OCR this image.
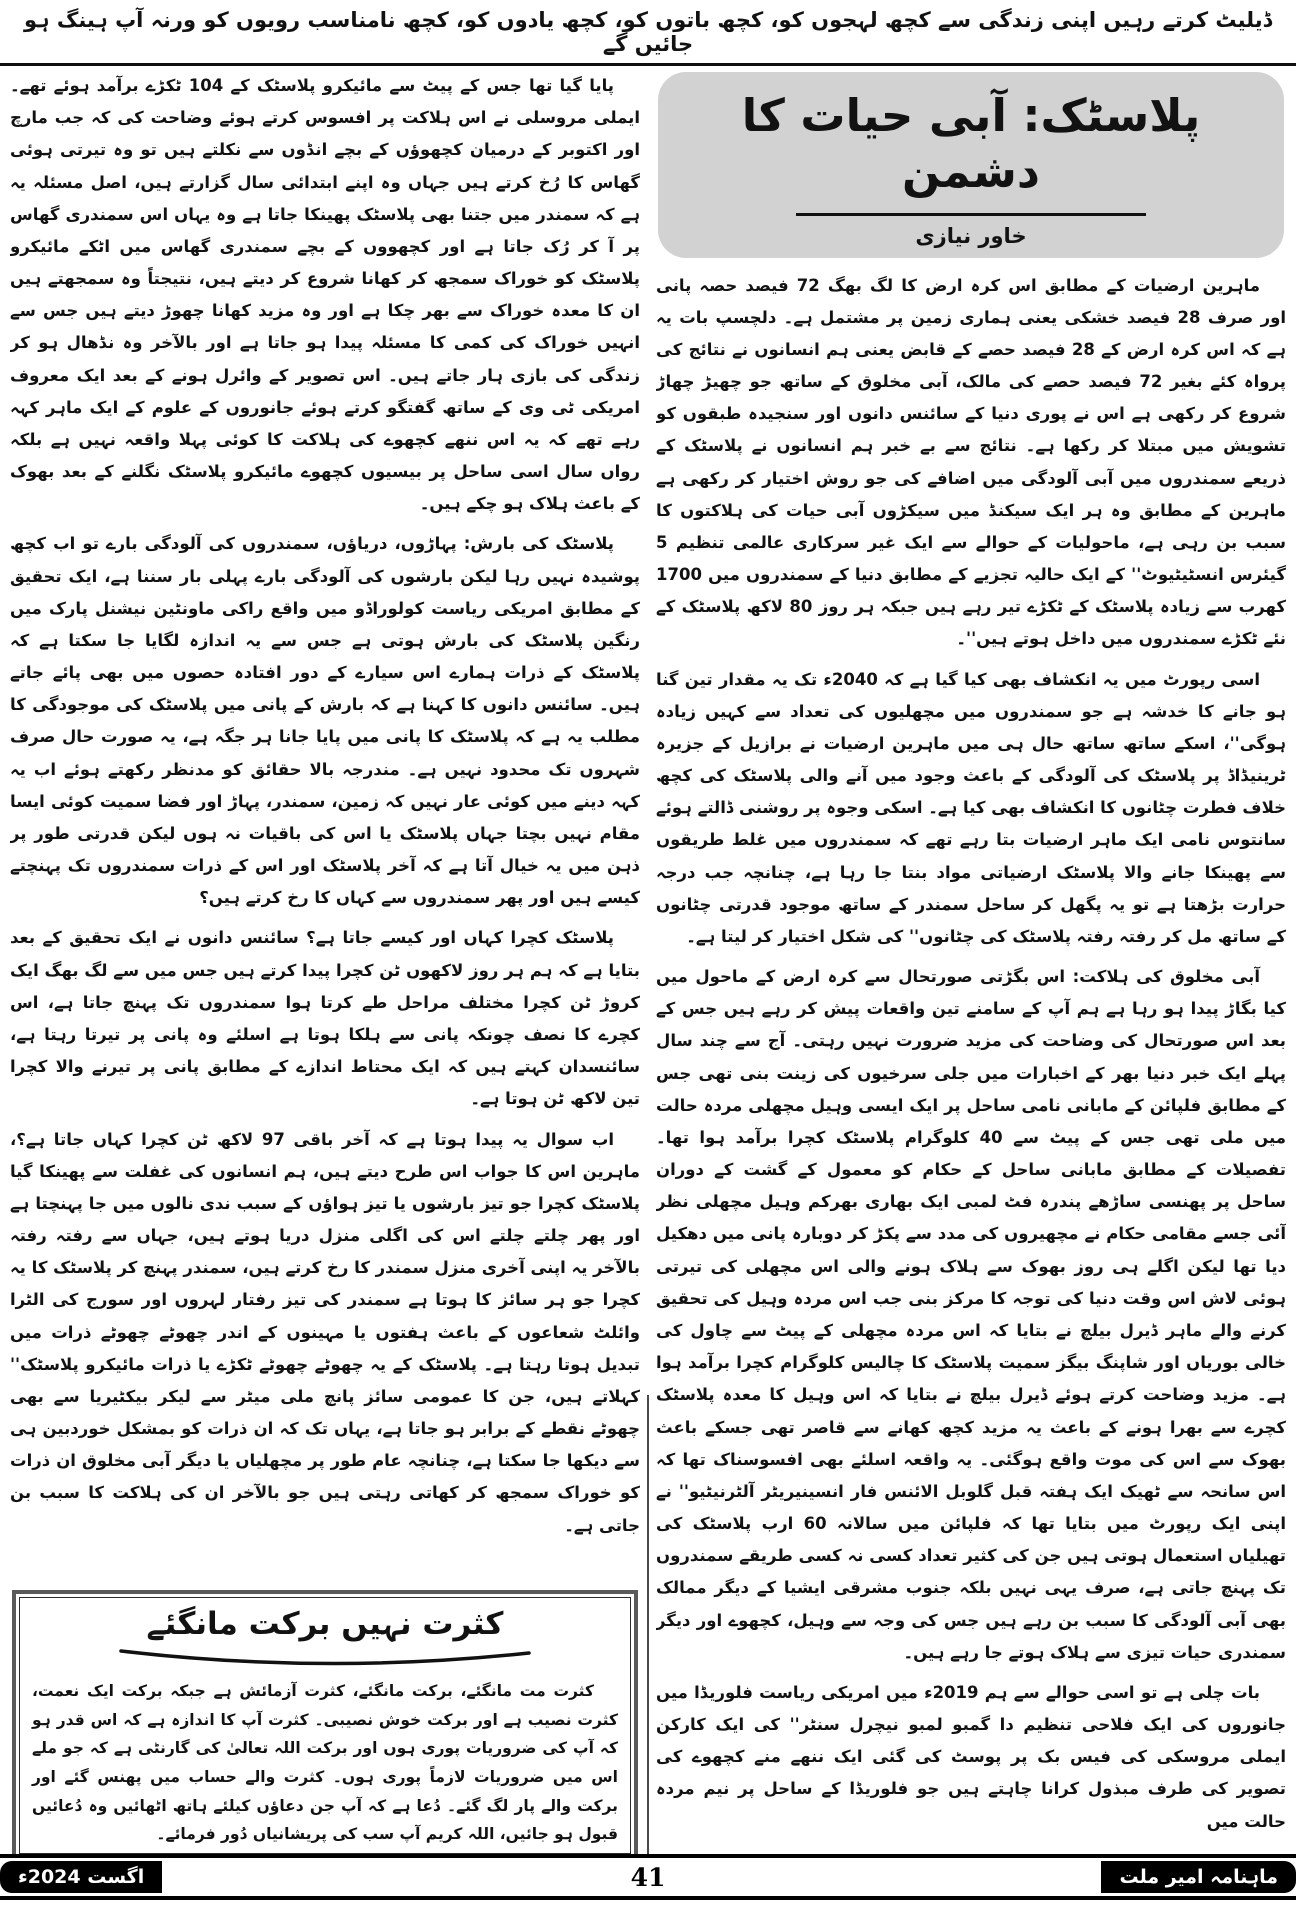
ڈیلیٹ کرتے رہیں اپنی زندگی سے کچھ لہجوں کو، کچھ باتوں کو، کچھ یادوں کو، کچھ نامناسب رویوں کو ورنہ آپ ہینگ ہو جائیں گے
پلاسٹک: آبی حیات کا دشمن
خاور نیازی

ماہرین ارضیات کے مطابق اس کرہ ارض کا لگ بھگ 72 فیصد حصہ پانی اور صرف 28 فیصد خشکی یعنی ہماری زمین پر مشتمل ہے۔ دلچسپ بات یہ ہے کہ اس کرہ ارض کے 28 فیصد حصے کے قابض یعنی ہم انسانوں نے نتائج کی پرواہ کئے بغیر 72 فیصد حصے کی مالک، آبی مخلوق کے ساتھ جو چھیڑ چھاڑ شروع کر رکھی ہے اس نے پوری دنیا کے سائنس دانوں اور سنجیدہ طبقوں کو تشویش میں مبتلا کر رکھا ہے۔ نتائج سے بے خبر ہم انسانوں نے پلاسٹک کے ذریعے سمندروں میں آبی آلودگی میں اضافے کی جو روش اختیار کر رکھی ہے ماہرین کے مطابق وہ ہر ایک سیکنڈ میں سیکڑوں آبی حیات کی ہلاکتوں کا سبب بن رہی ہے، ماحولیات کے حوالے سے ایک غیر سرکاری عالمی تنظیم 5 گیئرس انسٹیٹیوٹ'' کے ایک حالیہ تجزیے کے مطابق دنیا کے سمندروں میں 1700 کھرب سے زیادہ پلاسٹک کے ٹکڑے تیر رہے ہیں جبکہ ہر روز 80 لاکھ پلاسٹک کے نئے ٹکڑے سمندروں میں داخل ہوتے ہیں''۔

اسی رپورٹ میں یہ انکشاف بھی کیا گیا ہے کہ 2040ء تک یہ مقدار تین گنا ہو جانے کا خدشہ ہے جو سمندروں میں مچھلیوں کی تعداد سے کہیں زیادہ ہوگی''، اسکے ساتھ ساتھ حال ہی میں ماہرین ارضیات نے برازیل کے جزیرہ ٹرینیڈاڈ پر پلاسٹک کی آلودگی کے باعث وجود میں آنے والی پلاسٹک کی کچھ خلاف فطرت چٹانوں کا انکشاف بھی کیا ہے۔ اسکی وجوہ پر روشنی ڈالتے ہوئے سانتوس نامی ایک ماہر ارضیات بتا رہے تھے کہ سمندروں میں غلط طریقوں سے پھینکا جانے والا پلاسٹک ارضیاتی مواد بنتا جا رہا ہے، چنانچہ جب درجہ حرارت بڑھتا ہے تو یہ پگھل کر ساحل سمندر کے ساتھ موجود قدرتی چٹانوں کے ساتھ مل کر رفتہ رفتہ پلاسٹک کی چٹانوں'' کی شکل اختیار کر لیتا ہے۔

آبی مخلوق کی ہلاکت: اس بگڑتی صورتحال سے کرہ ارض کے ماحول میں کیا بگاڑ پیدا ہو رہا ہے ہم آپ کے سامنے تین واقعات پیش کر رہے ہیں جس کے بعد اس صورتحال کی وضاحت کی مزید ضرورت نہیں رہتی۔ آج سے چند سال پہلے ایک خبر دنیا بھر کے اخبارات میں جلی سرخیوں کی زینت بنی تھی جس کے مطابق فلپائن کے مابانی نامی ساحل پر ایک ایسی وہیل مچھلی مردہ حالت میں ملی تھی جس کے پیٹ سے 40 کلوگرام پلاسٹک کچرا برآمد ہوا تھا۔ تفصیلات کے مطابق مابانی ساحل کے حکام کو معمول کے گشت کے دوران ساحل پر پھنسی ساڑھے پندرہ فٹ لمبی ایک بھاری بھرکم وہیل مچھلی نظر آئی جسے مقامی حکام نے مچھیروں کی مدد سے پکڑ کر دوبارہ پانی میں دھکیل دیا تھا لیکن اگلے ہی روز بھوک سے ہلاک ہونے والی اس مچھلی کی تیرتی ہوئی لاش اس وقت دنیا کی توجہ کا مرکز بنی جب اس مردہ وہیل کی تحقیق کرنے والے ماہر ڈیرل بیلچ نے بتایا کہ اس مردہ مچھلی کے پیٹ سے چاول کی خالی بوریاں اور شاپنگ بیگز سمیت پلاسٹک کا چالیس کلوگرام کچرا برآمد ہوا ہے۔ مزید وضاحت کرتے ہوئے ڈیرل بیلچ نے بتایا کہ اس وہیل کا معدہ پلاسٹک کچرے سے بھرا ہونے کے باعث یہ مزید کچھ کھانے سے قاصر تھی جسکے باعث بھوک سے اس کی موت واقع ہوگئی۔ یہ واقعہ اسلئے بھی افسوسناک تھا کہ اس سانحہ سے ٹھیک ایک ہفتہ قبل گلوبل الائنس فار انسینیریٹر آلٹرنیٹیو'' نے اپنی ایک رپورٹ میں بتایا تھا کہ فلپائن میں سالانہ 60 ارب پلاسٹک کی تھیلیاں استعمال ہوتی ہیں جن کی کثیر تعداد کسی نہ کسی طریقے سمندروں تک پہنچ جاتی ہے، صرف یہی نہیں بلکہ جنوب مشرقی ایشیا کے دیگر ممالک بھی آبی آلودگی کا سبب بن رہے ہیں جس کی وجہ سے وہیل، کچھوے اور دیگر سمندری حیات تیزی سے ہلاک ہوتے جا رہے ہیں۔

بات چلی ہے تو اسی حوالے سے ہم 2019ء میں امریکی ریاست فلوریڈا میں جانوروں کی ایک فلاحی تنظیم دا گمبو لمبو نیچرل سنٹر'' کی ایک کارکن ایملی مروسکی کی فیس بک پر پوسٹ کی گئی ایک ننھے منے کچھوے کی تصویر کی طرف مبذول کرانا چاہتے ہیں جو فلوریڈا کے ساحل پر نیم مردہ حالت میں

پایا گیا تھا جس کے پیٹ سے مائیکرو پلاسٹک کے 104 ٹکڑے برآمد ہوئے تھے۔ ایملی مروسلی نے اس ہلاکت پر افسوس کرتے ہوئے وضاحت کی کہ جب مارچ اور اکتوبر کے درمیان کچھوؤں کے بچے انڈوں سے نکلتے ہیں تو وہ تیرتی ہوئی گھاس کا رُخ کرتے ہیں جہاں وہ اپنے ابتدائی سال گزارتے ہیں، اصل مسئلہ یہ ہے کہ سمندر میں جتنا بھی پلاسٹک پھینکا جاتا ہے وہ یہاں اس سمندری گھاس پر آ کر رُک جاتا ہے اور کچھووں کے بچے سمندری گھاس میں اٹکے مائیکرو پلاسٹک کو خوراک سمجھ کر کھانا شروع کر دیتے ہیں، نتیجتاً وہ سمجھتے ہیں ان کا معدہ خوراک سے بھر چکا ہے اور وہ مزید کھانا چھوڑ دیتے ہیں جس سے انہیں خوراک کی کمی کا مسئلہ پیدا ہو جاتا ہے اور بالآخر وہ نڈھال ہو کر زندگی کی بازی ہار جاتے ہیں۔ اس تصویر کے وائرل ہونے کے بعد ایک معروف امریکی ٹی وی کے ساتھ گفتگو کرتے ہوئے جانوروں کے علوم کے ایک ماہر کہہ رہے تھے کہ یہ اس ننھے کچھوے کی ہلاکت کا کوئی پہلا واقعہ نہیں ہے بلکہ رواں سال اسی ساحل پر بیسیوں کچھوے مائیکرو پلاسٹک نگلنے کے بعد بھوک کے باعث ہلاک ہو چکے ہیں۔

پلاسٹک کی بارش: پہاڑوں، دریاؤں، سمندروں کی آلودگی بارے تو اب کچھ پوشیدہ نہیں رہا لیکن بارشوں کی آلودگی بارے پہلی بار سننا ہے، ایک تحقیق کے مطابق امریکی ریاست کولوراڈو میں واقع راکی ماونٹین نیشنل پارک میں رنگین پلاسٹک کی بارش ہوتی ہے جس سے یہ اندازہ لگایا جا سکتا ہے کہ پلاسٹک کے ذرات ہمارے اس سیارے کے دور افتادہ حصوں میں بھی پائے جاتے ہیں۔ سائنس دانوں کا کہنا ہے کہ بارش کے پانی میں پلاسٹک کی موجودگی کا مطلب یہ ہے کہ پلاسٹک کا پانی میں پایا جانا ہر جگہ ہے، یہ صورت حال صرف شہروں تک محدود نہیں ہے۔ مندرجہ بالا حقائق کو مدنظر رکھتے ہوئے اب یہ کہہ دینے میں کوئی عار نہیں کہ زمین، سمندر، پہاڑ اور فضا سمیت کوئی ایسا مقام نہیں بچتا جہاں پلاسٹک یا اس کی باقیات نہ ہوں لیکن قدرتی طور پر ذہن میں یہ خیال آتا ہے کہ آخر پلاسٹک اور اس کے ذرات سمندروں تک پہنچتے کیسے ہیں اور پھر سمندروں سے کہاں کا رخ کرتے ہیں؟

پلاسٹک کچرا کہاں اور کیسے جاتا ہے؟ سائنس دانوں نے ایک تحقیق کے بعد بتایا ہے کہ ہم ہر روز لاکھوں ٹن کچرا پیدا کرتے ہیں جس میں سے لگ بھگ ایک کروڑ ٹن کچرا مختلف مراحل طے کرتا ہوا سمندروں تک پہنچ جاتا ہے، اس کچرے کا نصف چونکہ پانی سے ہلکا ہوتا ہے اسلئے وہ پانی پر تیرتا رہتا ہے، سائنسدان کہتے ہیں کہ ایک محتاط اندازے کے مطابق پانی پر تیرنے والا کچرا تین لاکھ ٹن ہوتا ہے۔

اب سوال یہ پیدا ہوتا ہے کہ آخر باقی 97 لاکھ ٹن کچرا کہاں جاتا ہے؟، ماہرین اس کا جواب اس طرح دیتے ہیں، ہم انسانوں کی غفلت سے پھینکا گیا پلاسٹک کچرا جو تیز بارشوں یا تیز ہواؤں کے سبب ندی نالوں میں جا پہنچتا ہے اور پھر چلتے چلتے اس کی اگلی منزل دریا ہوتے ہیں، جہاں سے رفتہ رفتہ بالآخر یہ اپنی آخری منزل سمندر کا رخ کرتے ہیں، سمندر پہنچ کر پلاسٹک کا یہ کچرا جو ہر سائز کا ہوتا ہے سمندر کی تیز رفتار لہروں اور سورج کی الٹرا وائلٹ شعاعوں کے باعث ہفتوں یا مہینوں کے اندر چھوٹے چھوٹے ذرات میں تبدیل ہوتا رہتا ہے۔ پلاسٹک کے یہ چھوٹے چھوٹے ٹکڑے یا ذرات مائیکرو پلاسٹک'' کہلاتے ہیں، جن کا عمومی سائز پانچ ملی میٹر سے لیکر بیکٹیریا سے بھی چھوٹے نقطے کے برابر ہو جاتا ہے، یہاں تک کہ ان ذرات کو بمشکل خوردبین ہی سے دیکھا جا سکتا ہے، چنانچہ عام طور پر مچھلیاں یا دیگر آبی مخلوق ان ذرات کو خوراک سمجھ کر کھاتی رہتی ہیں جو بالآخر ان کی ہلاکت کا سبب بن جاتی ہے۔

کثرت نہیں برکت مانگئے

کثرت مت مانگئے، برکت مانگئے، کثرت آزمائش ہے جبکہ برکت ایک نعمت، کثرت نصیب ہے اور برکت خوش نصیبی۔ کثرت آپ کا اندازہ ہے کہ اس قدر ہو کہ آپ کی ضروریات پوری ہوں اور برکت اللہ تعالیٰ کی گارنٹی ہے کہ جو ملے اس میں ضروریات لازماً پوری ہوں۔ کثرت والے حساب میں پھنس گئے اور برکت والے پار لگ گئے۔ دُعا ہے کہ آپ جن دعاؤں کیلئے ہاتھ اٹھائیں وہ دُعائیں قبول ہو جائیں، اللہ کریم آپ سب کی پریشانیاں دُور فرمائے۔

ماہنامہ امیر ملت
41
اگست 2024ء
